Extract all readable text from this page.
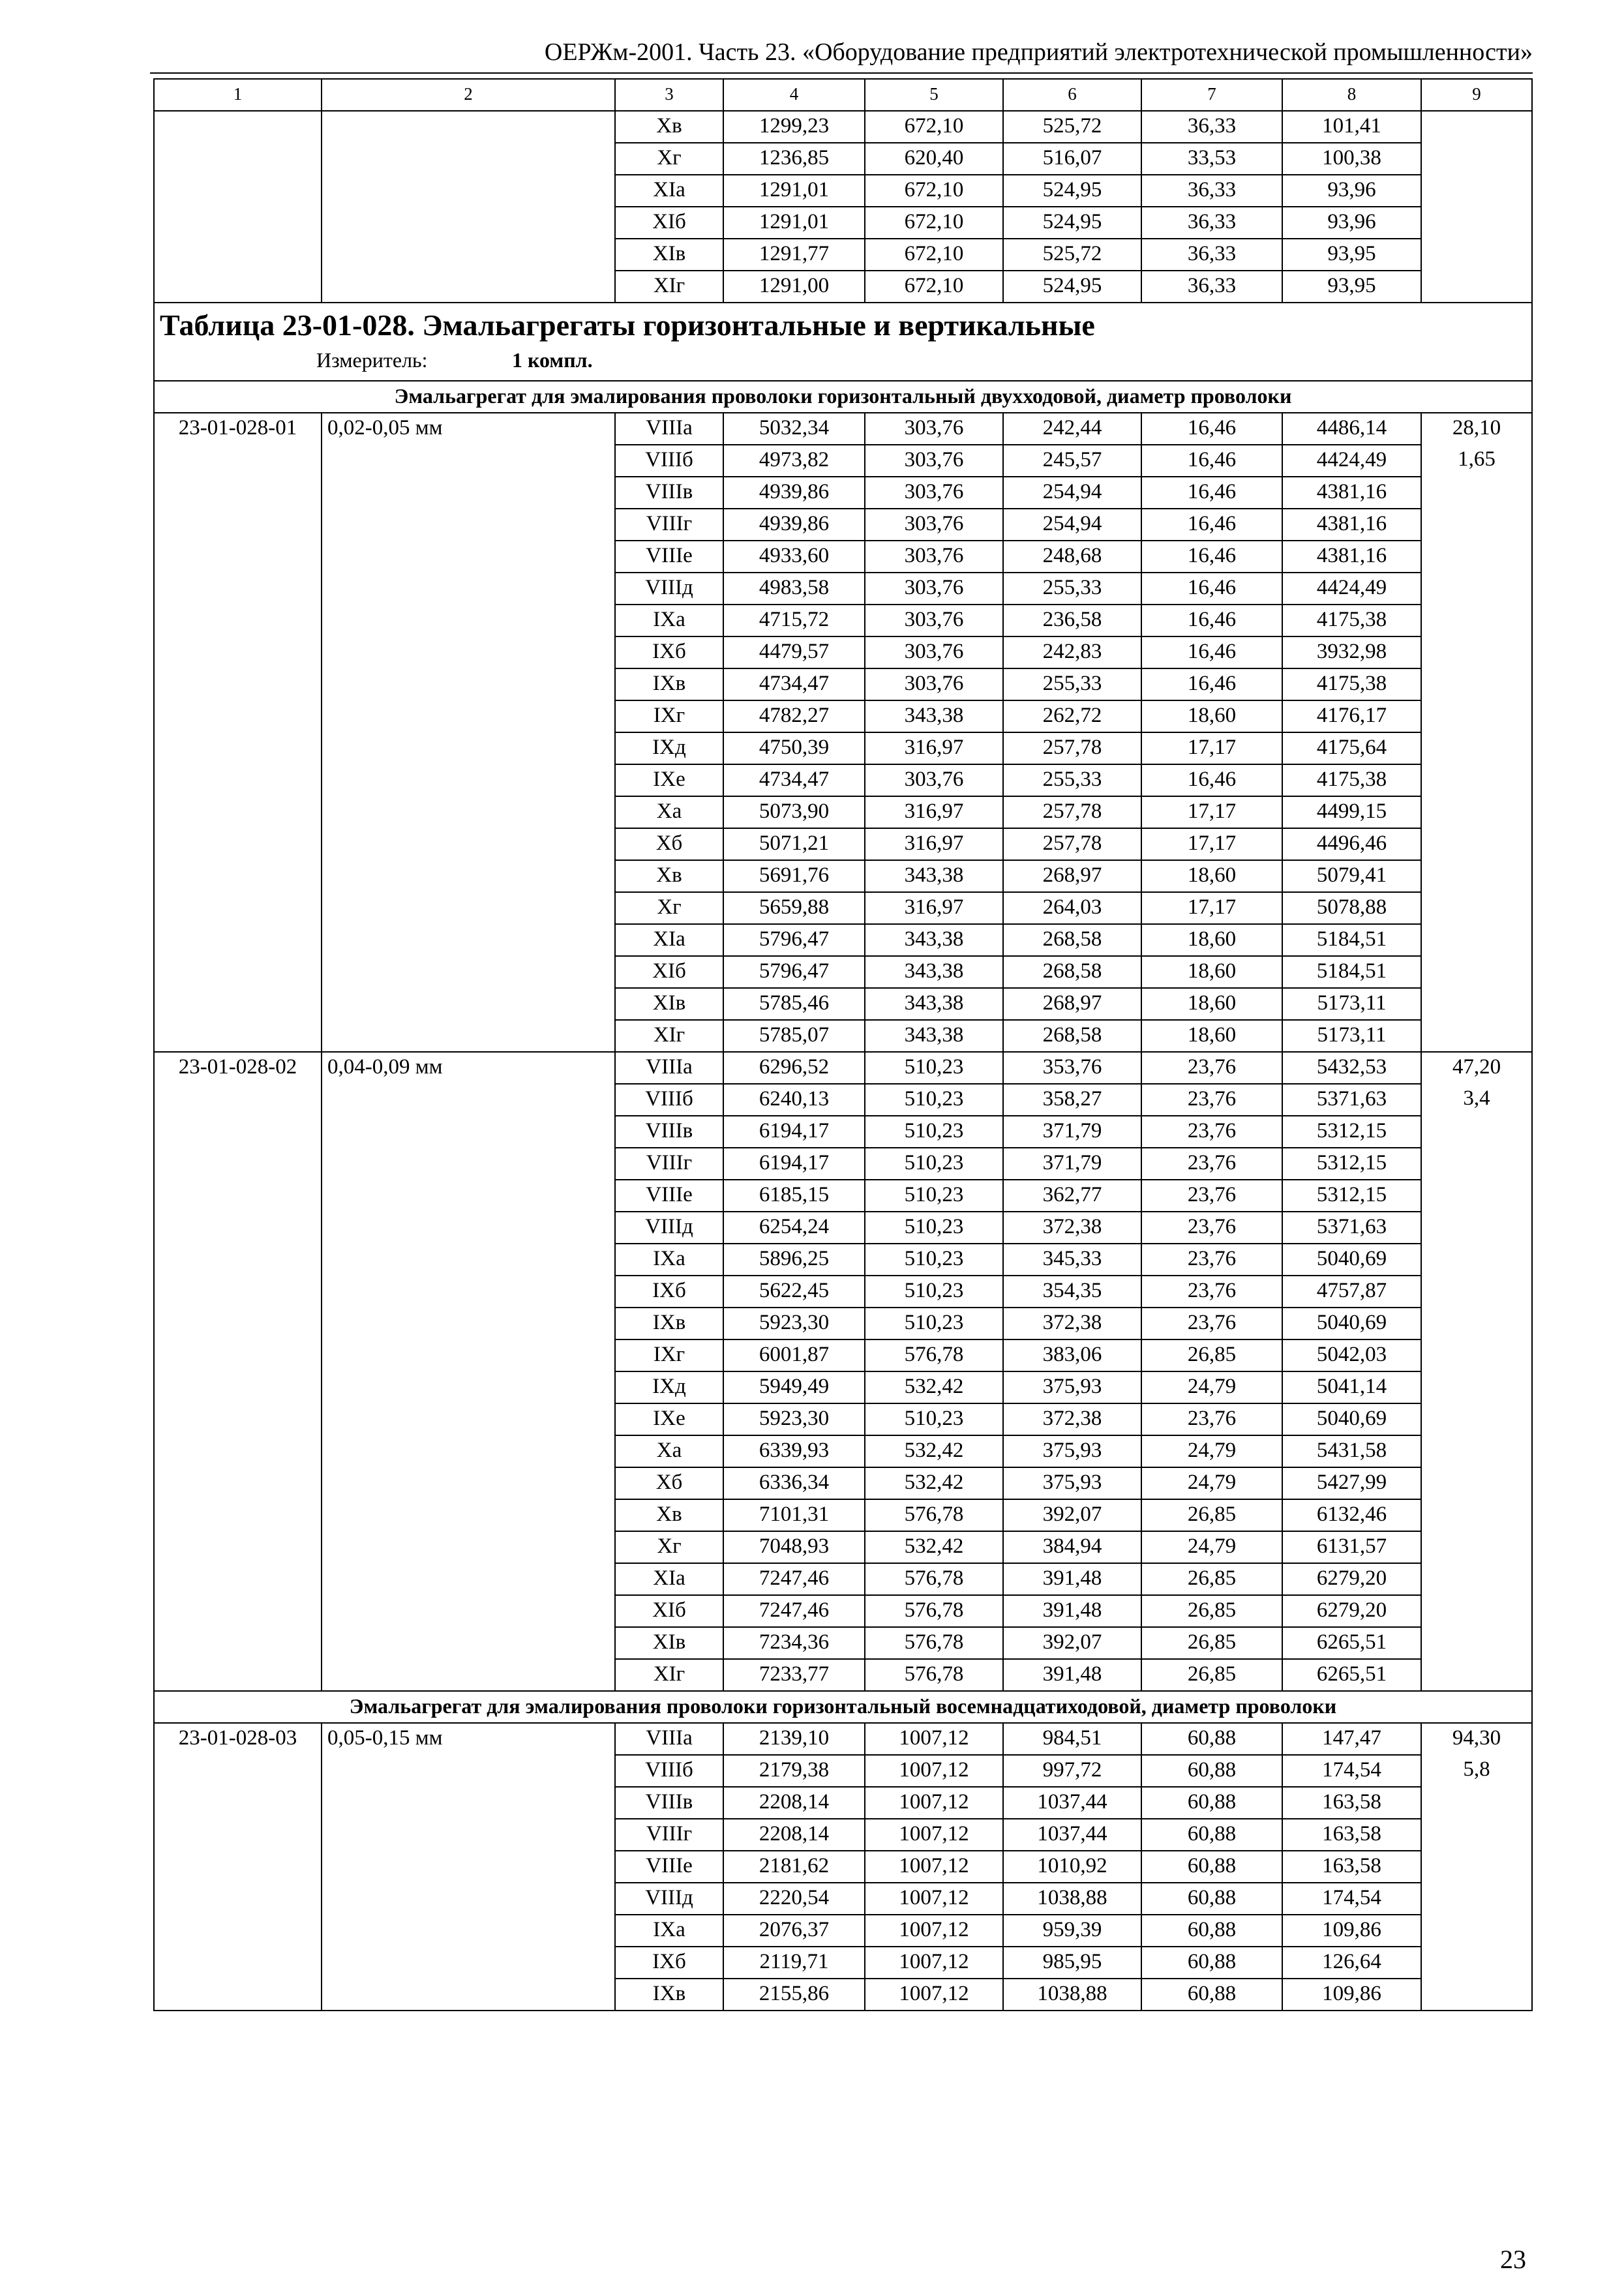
ОЕРЖм-2001. Часть 23. «Оборудование предприятий электротехнической промышленности»
1	2	3	4	5	6	7	8	9
		Хв	1299,23	672,10	525,72	36,33	101,41	
		Хг	1236,85	620,40	516,07	33,53	100,38	
		XIа	1291,01	672,10	524,95	36,33	93,96	
		XIб	1291,01	672,10	524,95	36,33	93,96	
		XIв	1291,77	672,10	525,72	36,33	93,95	
		XIг	1291,00	672,10	524,95	36,33	93,95	

Таблица 23-01-028. Эмальагрегаты горизонтальные и вертикальные
Измеритель: 1 компл.								

Эмальагрегат для эмалирования проволоки горизонтальный двухходовой, диаметр проволоки								
23-01-028-01	0,02-0,05 мм	VIIIа	5032,34	303,76	242,44	16,46	4486,14	28,10
		VIIIб	4973,82	303,76	245,57	16,46	4424,49	1,65
		VIIIв	4939,86	303,76	254,94	16,46	4381,16	
		VIIIг	4939,86	303,76	254,94	16,46	4381,16	
		VIIIе	4933,60	303,76	248,68	16,46	4381,16	
		VIIIд	4983,58	303,76	255,33	16,46	4424,49	
		IXа	4715,72	303,76	236,58	16,46	4175,38	
		IXб	4479,57	303,76	242,83	16,46	3932,98	
		IXв	4734,47	303,76	255,33	16,46	4175,38	
		IXг	4782,27	343,38	262,72	18,60	4176,17	
		IXд	4750,39	316,97	257,78	17,17	4175,64	
		IXе	4734,47	303,76	255,33	16,46	4175,38	
		Ха	5073,90	316,97	257,78	17,17	4499,15	
		Хб	5071,21	316,97	257,78	17,17	4496,46	
		Хв	5691,76	343,38	268,97	18,60	5079,41	
		Хг	5659,88	316,97	264,03	17,17	5078,88	
		XIа	5796,47	343,38	268,58	18,60	5184,51	
		XIб	5796,47	343,38	268,58	18,60	5184,51	
		XIв	5785,46	343,38	268,97	18,60	5173,11	
		XIг	5785,07	343,38	268,58	18,60	5173,11	
23-01-028-02	0,04-0,09 мм	VIIIа	6296,52	510,23	353,76	23,76	5432,53	47,20
		VIIIб	6240,13	510,23	358,27	23,76	5371,63	3,4
		VIIIв	6194,17	510,23	371,79	23,76	5312,15	
		VIIIг	6194,17	510,23	371,79	23,76	5312,15	
		VIIIе	6185,15	510,23	362,77	23,76	5312,15	
		VIIIд	6254,24	510,23	372,38	23,76	5371,63	
		IXа	5896,25	510,23	345,33	23,76	5040,69	
		IXб	5622,45	510,23	354,35	23,76	4757,87	
		IXв	5923,30	510,23	372,38	23,76	5040,69	
		IXг	6001,87	576,78	383,06	26,85	5042,03	
		IXд	5949,49	532,42	375,93	24,79	5041,14	
		IXе	5923,30	510,23	372,38	23,76	5040,69	
		Ха	6339,93	532,42	375,93	24,79	5431,58	
		Хб	6336,34	532,42	375,93	24,79	5427,99	
		Хв	7101,31	576,78	392,07	26,85	6132,46	
		Хг	7048,93	532,42	384,94	24,79	6131,57	
		XIа	7247,46	576,78	391,48	26,85	6279,20	
		XIб	7247,46	576,78	391,48	26,85	6279,20	
		XIв	7234,36	576,78	392,07	26,85	6265,51	
		XIг	7233,77	576,78	391,48	26,85	6265,51	
Эмальагрегат для эмалирования проволоки горизонтальный восемнадцатиходовой, диаметр проволоки								
23-01-028-03	0,05-0,15 мм	VIIIа	2139,10	1007,12	984,51	60,88	147,47	94,30
		VIIIб	2179,38	1007,12	997,72	60,88	174,54	5,8
		VIIIв	2208,14	1007,12	1037,44	60,88	163,58	
		VIIIг	2208,14	1007,12	1037,44	60,88	163,58	
		VIIIе	2181,62	1007,12	1010,92	60,88	163,58	
		VIIIд	2220,54	1007,12	1038,88	60,88	174,54	
		IXа	2076,37	1007,12	959,39	60,88	109,86	
		IXб	2119,71	1007,12	985,95	60,88	126,64	
		IXв	2155,86	1007,12	1038,88	60,88	109,86	
23
